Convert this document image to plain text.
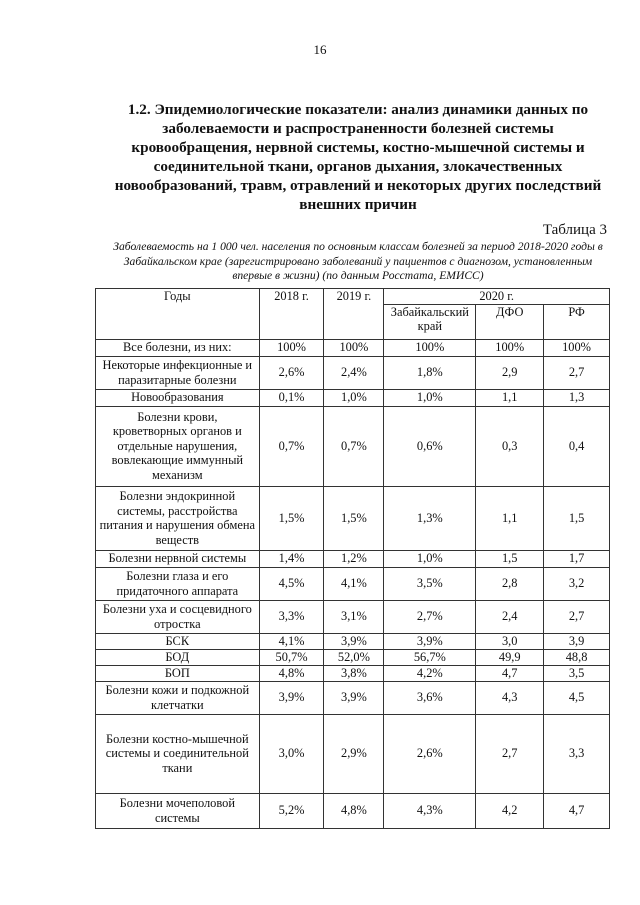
16
1.2. Эпидемиологические показатели: анализ динамики данных по заболеваемости и распространенности болезней системы кровообращения, нервной системы, костно-мышечной системы и соединительной ткани, органов дыхания, злокачественных новообразований, травм, отравлений и некоторых других последствий внешних причин
Таблица 3
Заболеваемость на 1 000 чел. населения по основным классам болезней за период 2018-2020 годы в Забайкальском крае (зарегистрировано заболеваний у пациентов с диагнозом, установленным впервые в жизни) (по данным Росстата, ЕМИСС)
Годы	2018 г.	2019 г.	2020 г.		
			Забайкальский край	ДФО	РФ
Все болезни, из них:	100%	100%	100%	100%	100%
Некоторые инфекционные и паразитарные болезни	2,6%	2,4%	1,8%	2,9	2,7
Новообразования	0,1%	1,0%	1,0%	1,1	1,3
Болезни крови, кроветворных органов и отдельные нарушения, вовлекающие иммунный механизм	0,7%	0,7%	0,6%	0,3	0,4
Болезни эндокринной системы, расстройства питания и нарушения обмена веществ	1,5%	1,5%	1,3%	1,1	1,5
Болезни нервной системы	1,4%	1,2%	1,0%	1,5	1,7
Болезни глаза и его придаточного аппарата	4,5%	4,1%	3,5%	2,8	3,2
Болезни уха и сосцевидного отростка	3,3%	3,1%	2,7%	2,4	2,7
БСК	4,1%	3,9%	3,9%	3,0	3,9
БОД	50,7%	52,0%	56,7%	49,9	48,8
БОП	4,8%	3,8%	4,2%	4,7	3,5
Болезни кожи и подкожной клетчатки	3,9%	3,9%	3,6%	4,3	4,5
Болезни костно-мышечной системы и соединительной ткани	3,0%	2,9%	2,6%	2,7	3,3
Болезни мочеполовой системы	5,2%	4,8%	4,3%	4,2	4,7
